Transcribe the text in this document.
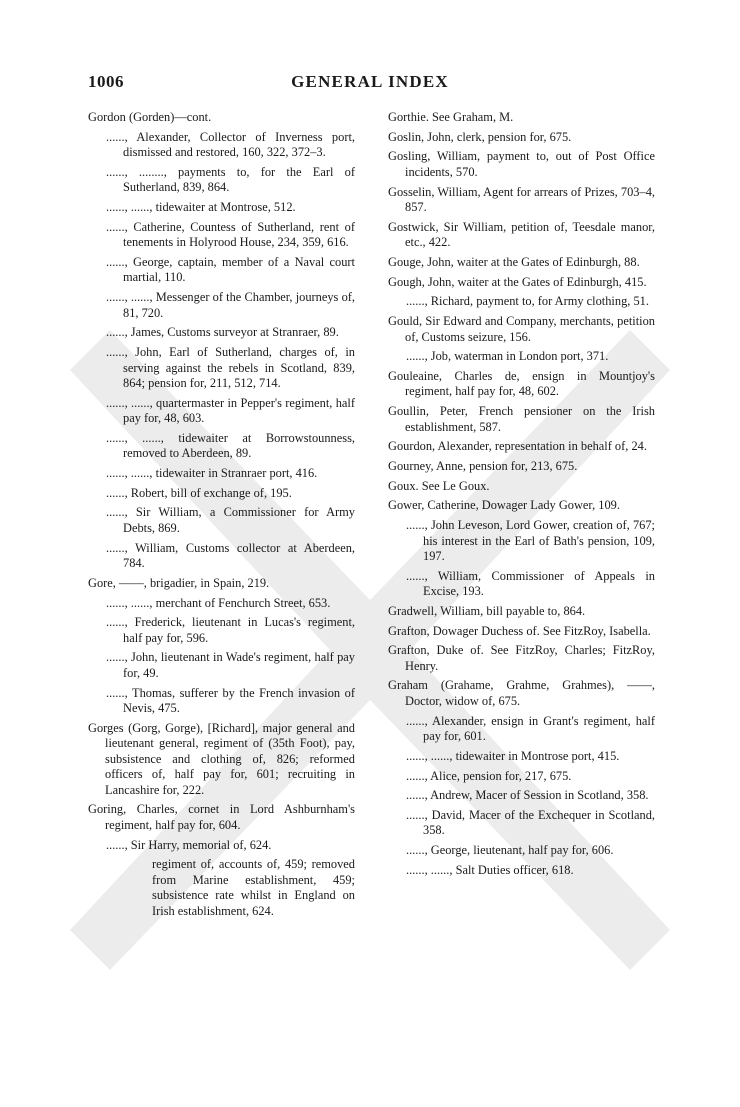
1006	GENERAL INDEX

Gordon (Gorden)—cont.

......, Alexander, Collector of Inverness port, dismissed and restored, 160, 322, 372–3.

......, ........, payments to, for the Earl of Sutherland, 839, 864.

......, ......, tidewaiter at Montrose, 512.

......, Catherine, Countess of Sutherland, rent of tenements in Holyrood House, 234, 359, 616.

......, George, captain, member of a Naval court martial, 110.

......, ......, Messenger of the Chamber, journeys of, 81, 720.

......, James, Customs surveyor at Stranraer, 89.

......, John, Earl of Sutherland, charges of, in serving against the rebels in Scotland, 839, 864; pension for, 211, 512, 714.

......, ......, quartermaster in Pepper's regiment, half pay for, 48, 603.

......, ......, tidewaiter at Borrowstounness, removed to Aberdeen, 89.

......, ......, tidewaiter in Stranraer port, 416.

......, Robert, bill of exchange of, 195.

......, Sir William, a Commissioner for Army Debts, 869.

......, William, Customs collector at Aberdeen, 784.

Gore, ——, brigadier, in Spain, 219.

......, ......, merchant of Fenchurch Street, 653.

......, Frederick, lieutenant in Lucas's regiment, half pay for, 596.

......, John, lieutenant in Wade's regiment, half pay for, 49.

......, Thomas, sufferer by the French invasion of Nevis, 475.

Gorges (Gorg, Gorge), [Richard], major general and lieutenant general, regiment of (35th Foot), pay, subsistence and clothing of, 826; reformed officers of, half pay for, 601; recruiting in Lancashire for, 222.

Goring, Charles, cornet in Lord Ashburnham's regiment, half pay for, 604.

......, Sir Harry, memorial of, 624.

regiment of, accounts of, 459; removed from Marine establishment, 459; subsistence rate whilst in England on Irish establishment, 624.

Gorthie. See Graham, M.

Goslin, John, clerk, pension for, 675.

Gosling, William, payment to, out of Post Office incidents, 570.

Gosselin, William, Agent for arrears of Prizes, 703–4, 857.

Gostwick, Sir William, petition of, Teesdale manor, etc., 422.

Gouge, John, waiter at the Gates of Edinburgh, 88.

Gough, John, waiter at the Gates of Edinburgh, 415.

......, Richard, payment to, for Army clothing, 51.

Gould, Sir Edward and Company, merchants, petition of, Customs seizure, 156.

......, Job, waterman in London port, 371.

Gouleaine, Charles de, ensign in Mountjoy's regiment, half pay for, 48, 602.

Goullin, Peter, French pensioner on the Irish establishment, 587.

Gourdon, Alexander, representation in behalf of, 24.

Gourney, Anne, pension for, 213, 675.

Goux. See Le Goux.

Gower, Catherine, Dowager Lady Gower, 109.

......, John Leveson, Lord Gower, creation of, 767; his interest in the Earl of Bath's pension, 109, 197.

......, William, Commissioner of Appeals in Excise, 193.

Gradwell, William, bill payable to, 864.

Grafton, Dowager Duchess of. See FitzRoy, Isabella.

Grafton, Duke of. See FitzRoy, Charles; FitzRoy, Henry.

Graham (Grahame, Grahme, Grahmes), ——, Doctor, widow of, 675.

......, Alexander, ensign in Grant's regiment, half pay for, 601.

......, ......, tidewaiter in Montrose port, 415.

......, Alice, pension for, 217, 675.

......, Andrew, Macer of Session in Scotland, 358.

......, David, Macer of the Exchequer in Scotland, 358.

......, George, lieutenant, half pay for, 606.

......, ......, Salt Duties officer, 618.
